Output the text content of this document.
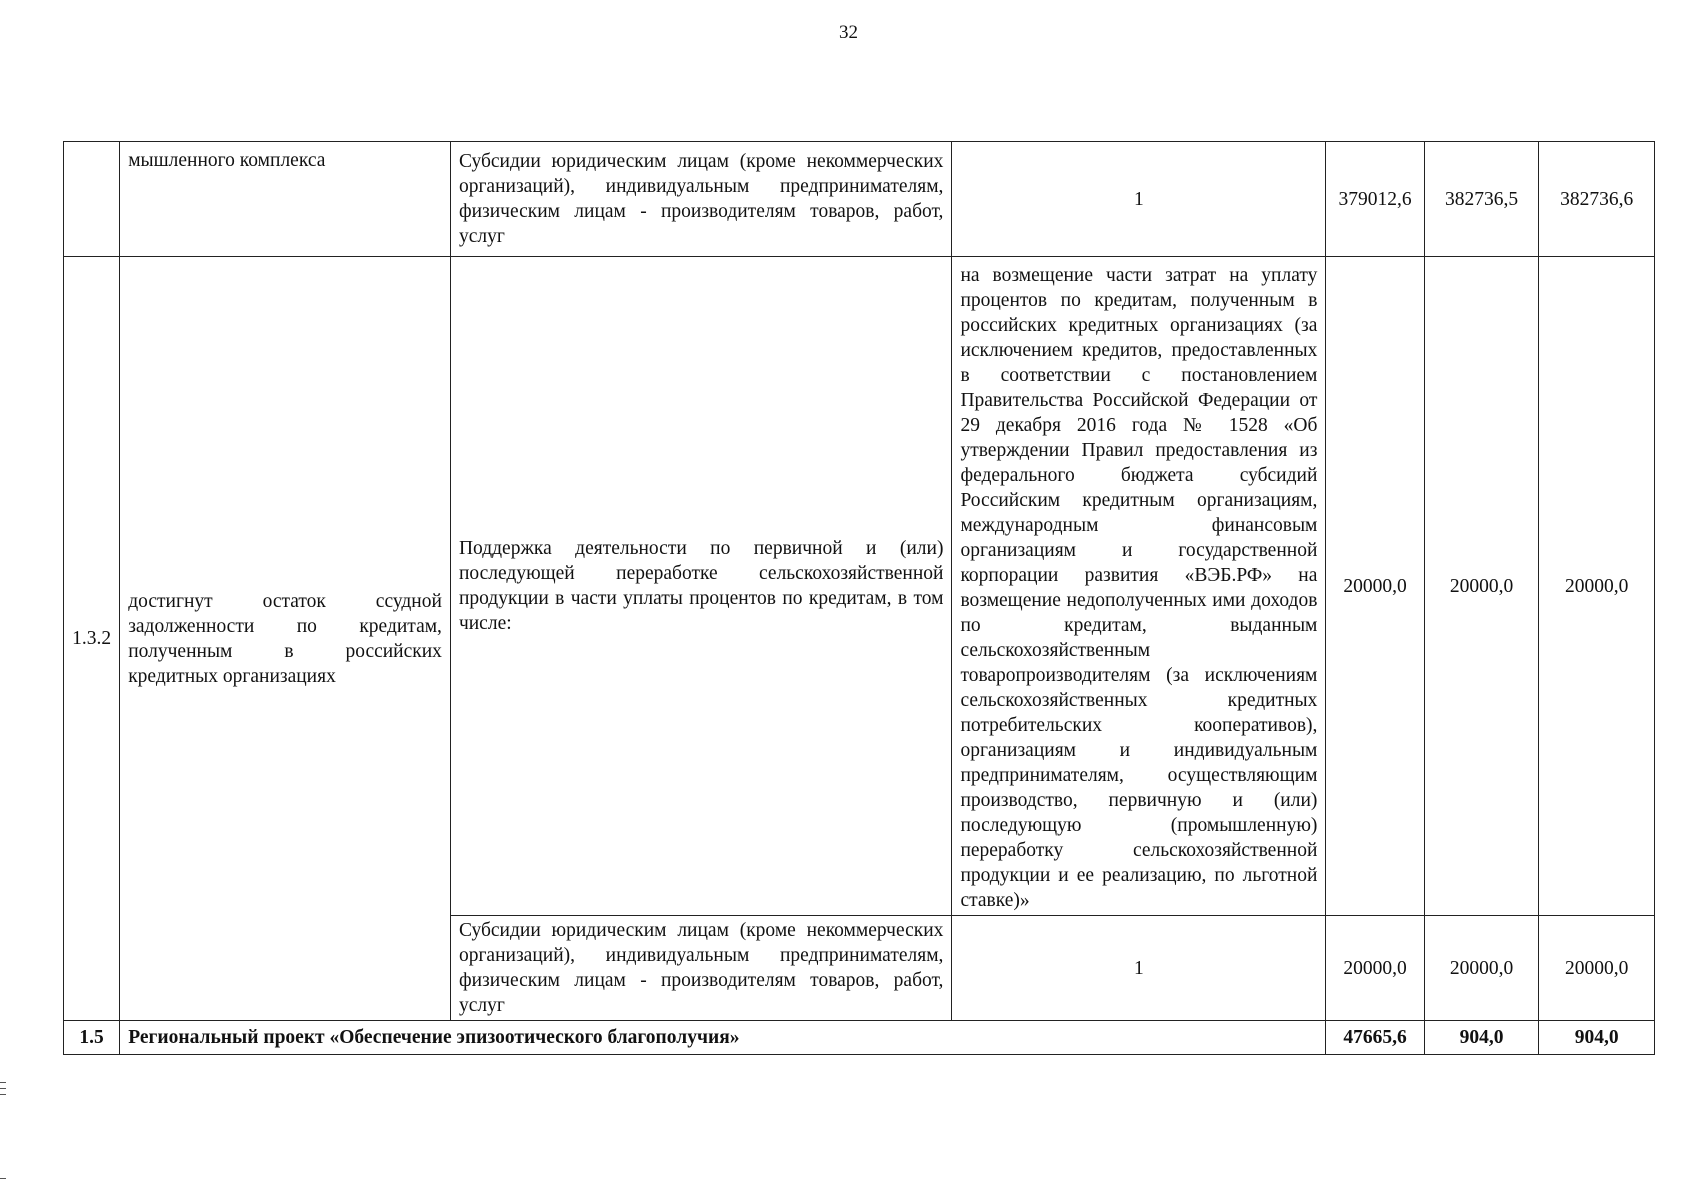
32
	мышленного комплекса	Субсидии юридическим лицам (кроме некоммерческих организаций), индивидуальным предпринимателям, физическим лицам - производителям товаров, работ, услуг	1	379012,6	382736,5	382736,6
1.3.2	достигнут остаток ссудной задолженности по кредитам, полученным в российских кредитных организациях	Поддержка деятельности по первичной и (или) последующей переработке сельскохозяйственной продукции в части уплаты процентов по кредитам, в том числе:	на возмещение части затрат на уплату процентов по кредитам, полученным в российских кредитных организациях (за исключением кредитов, предоставленных в соответствии с постановлением Правительства Российской Федерации от 29 декабря 2016 года № 1528 «Об утверждении Правил предоставления из федерального бюджета субсидий Российским кредитным организациям, международным финансовым организациям и государственной корпорации развития «ВЭБ.РФ» на возмещение недополученных ими доходов по кредитам, выданным сельскохозяйственным товаропроизводителям (за исключениям сельскохозяйственных кредитных потребительских кооперативов), организациям и индивидуальным предпринимателям, осуществляющим производство, первичную и (или) последующую (промышленную) переработку сельскохозяйственной продукции и ее реализацию, по льготной ставке)»	20000,0	20000,0	20000,0
		Субсидии юридическим лицам (кроме некоммерческих организаций), индивидуальным предпринимателям, физическим лицам - производителям товаров, работ, услуг	1	20000,0	20000,0	20000,0
1.5	Региональный проект «Обеспечение эпизоотического благополучия»			47665,6	904,0	904,0
